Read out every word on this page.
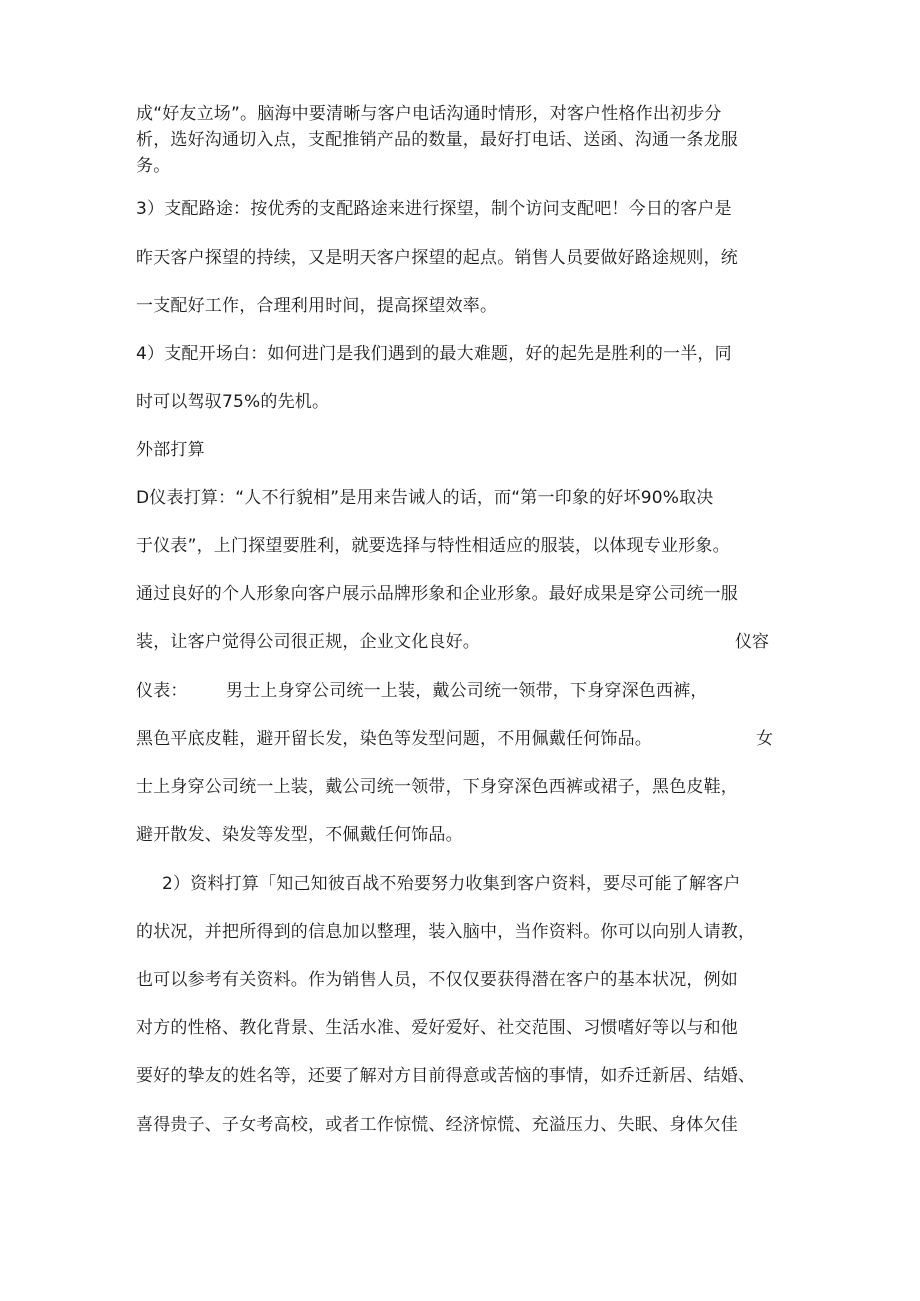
成“好友立场”。脑海中要清晰与客户电话沟通时情形，对客户性格作出初步分
析，选好沟通切入点，支配推销产品的数量，最好打电话、送函、沟通一条龙服
务。
3）支配路途：按优秀的支配路途来进行探望，制个访问支配吧！今日的客户是
昨天客户探望的持续，又是明天客户探望的起点。销售人员要做好路途规则，统
一支配好工作，合理利用时间，提高探望效率。
4）支配开场白：如何进门是我们遇到的最大难题，好的起先是胜利的一半，同
时可以驾驭75%的先机。
外部打算
D仪表打算：“人不行貌相”是用来告诫人的话，而“第一印象的好坏90%取决
于仪表”，上门探望要胜利，就要选择与特性相适应的服装，以体现专业形象。
通过良好的个人形象向客户展示品牌形象和企业形象。最好成果是穿公司统一服
装，让客户觉得公司很正规，企业文化良好。	仪容
仪表： 男士上身穿公司统一上装，戴公司统一领带，下身穿深色西裤，
黑色平底皮鞋，避开留长发，染色等发型问题，不用佩戴任何饰品。	女
士上身穿公司统一上装，戴公司统一领带，下身穿深色西裤或裙子，黑色皮鞋，
避开散发、染发等发型，不佩戴任何饰品。
2）资料打算「知己知彼百战不殆要努力收集到客户资料，要尽可能了解客户
的状况，并把所得到的信息加以整理，装入脑中，当作资料。你可以向别人请教，
也可以参考有关资料。作为销售人员，不仅仅要获得潜在客户的基本状况，例如
对方的性格、教化背景、生活水准、爱好爱好、社交范围、习惯嗜好等以与和他
要好的挚友的姓名等，还要了解对方目前得意或苦恼的事情，如乔迁新居、结婚、
喜得贵子、子女考高校，或者工作惊慌、经济惊慌、充溢压力、失眠、身体欠佳
